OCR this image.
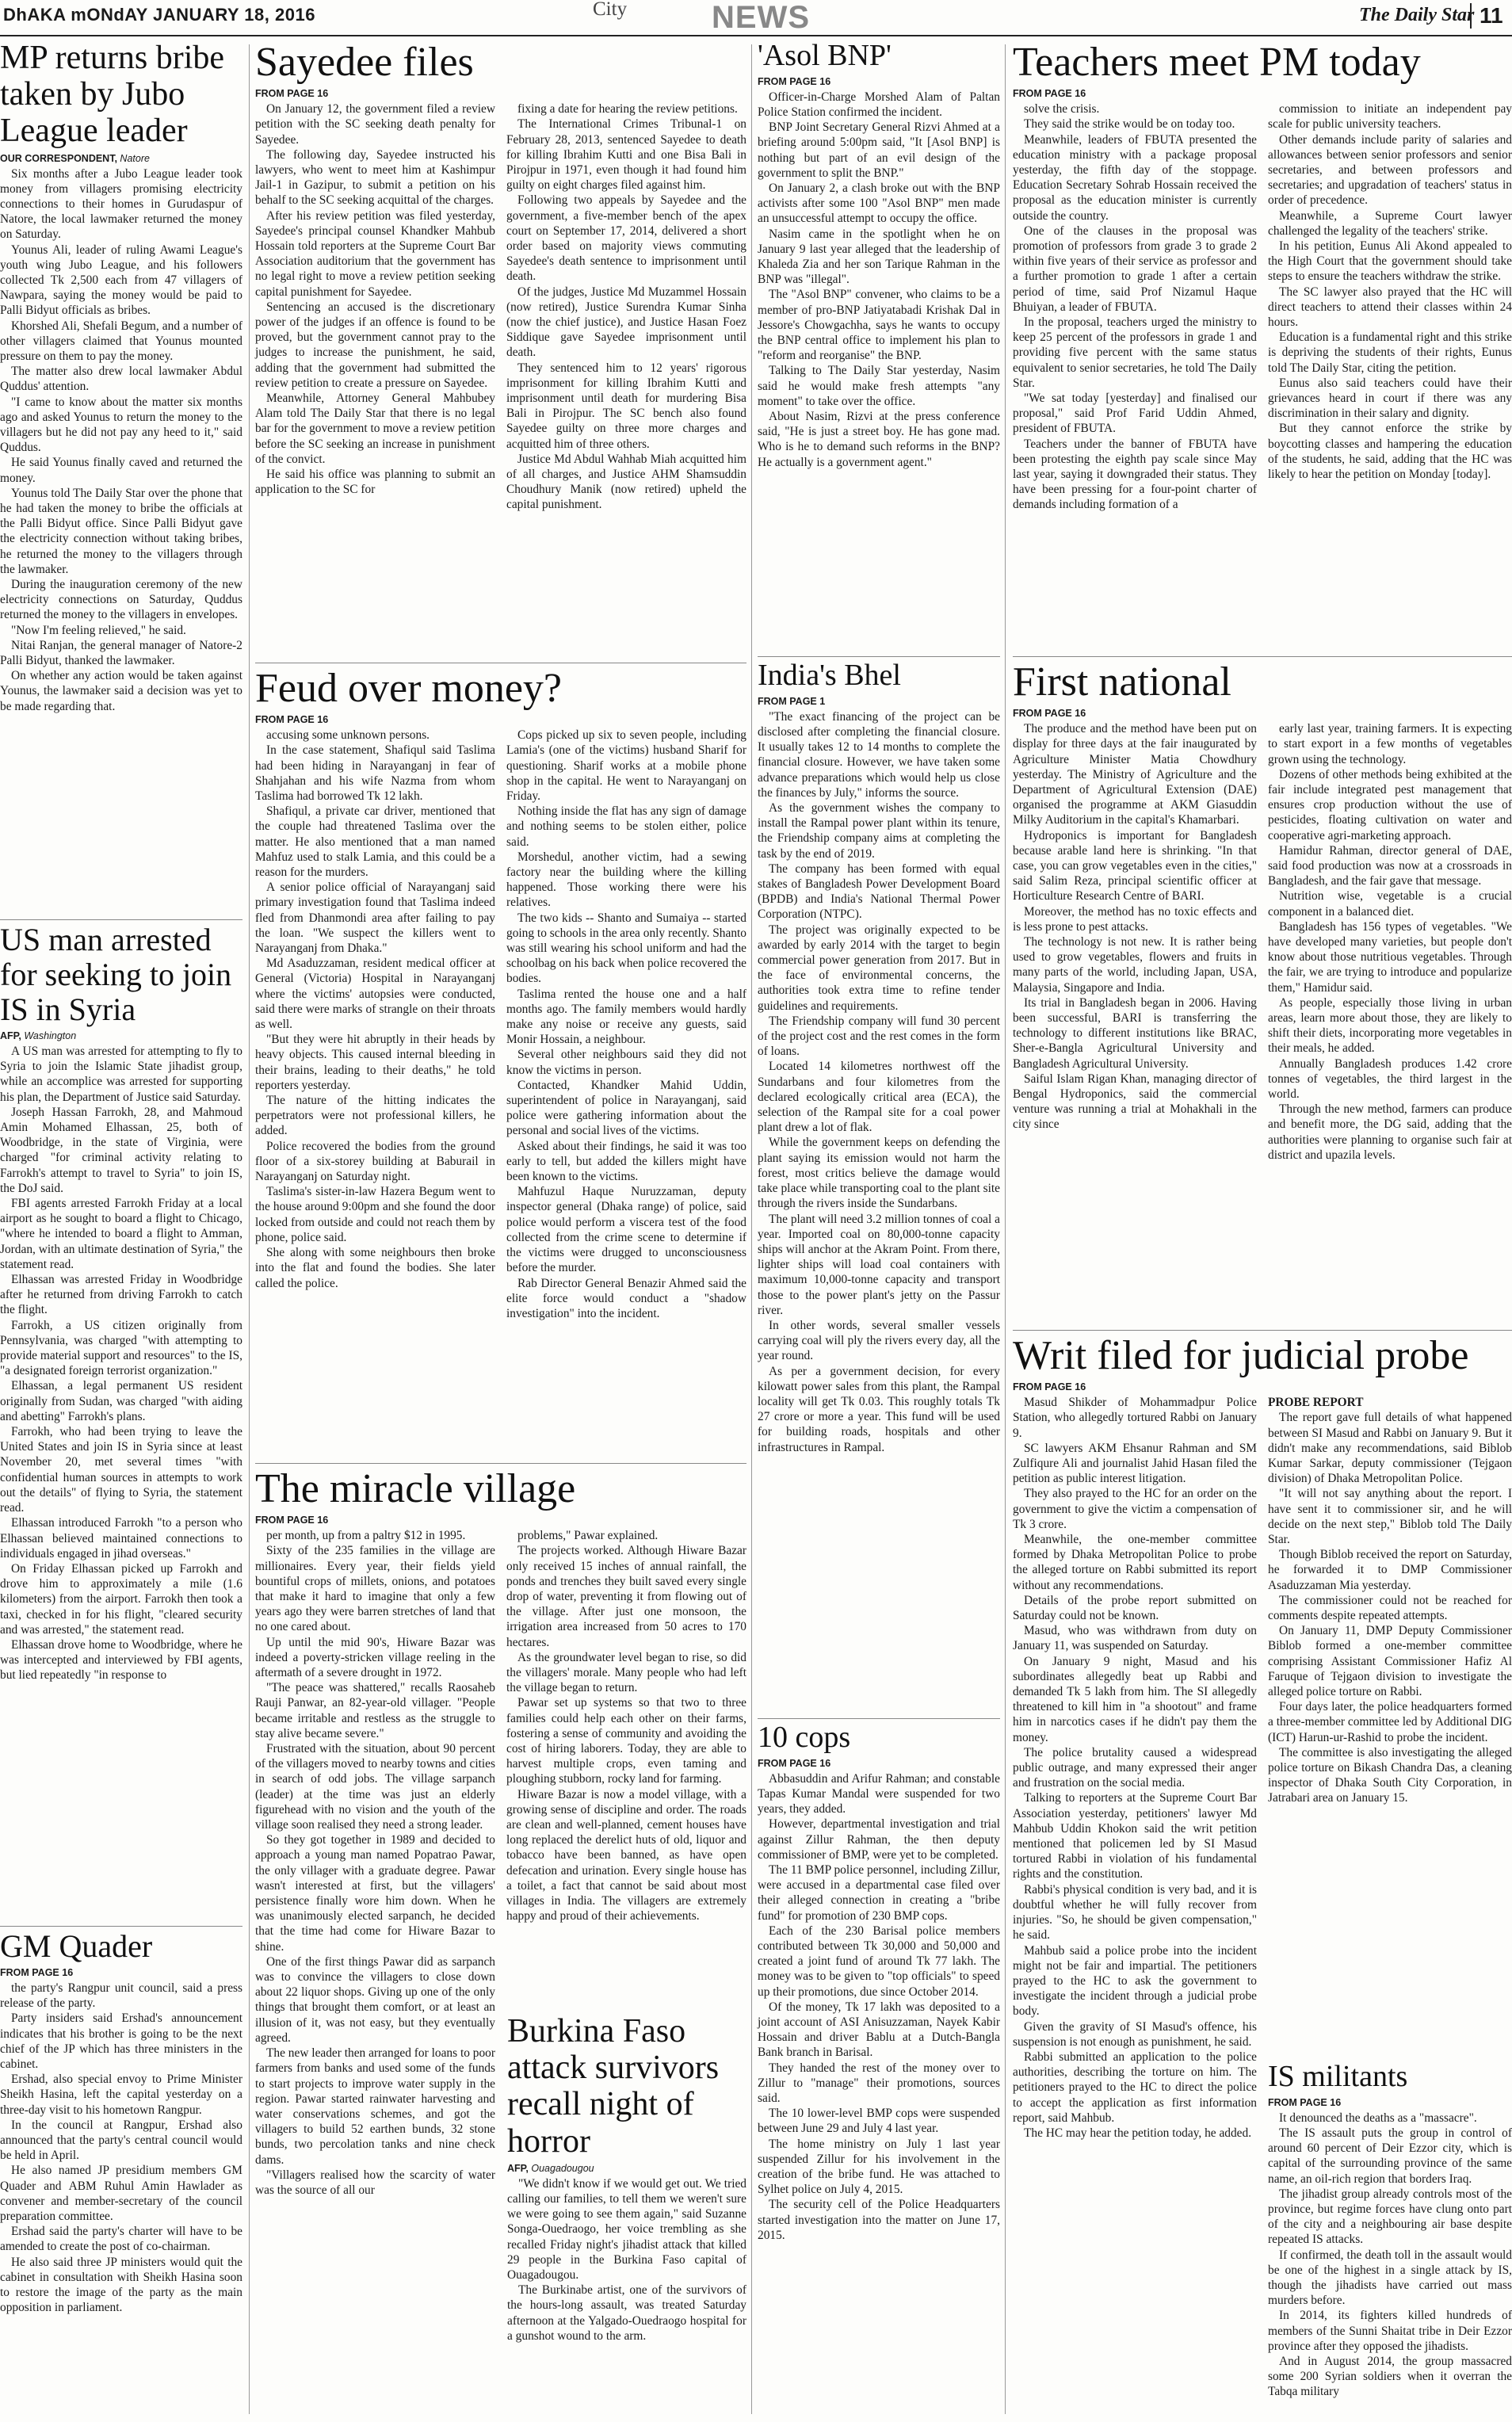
DhAKA mONdAY JANUARY 18, 2016	City	NEWS	The Daily Star 11
MP returns bribe taken by Jubo League leader
OUR CORRESPONDENT, Natore

Six months after a Jubo League leader took money from villagers promising electricity connections to their homes in Gurudaspur of Natore, the local lawmaker returned the money on Saturday.

Younus Ali, leader of ruling Awami League's youth wing Jubo League, and his followers collected Tk 2,500 each from 47 villagers of Nawpara, saying the money would be paid to Palli Bidyut officials as bribes.

Khorshed Ali, Shefali Begum, and a number of other villagers claimed that Younus mounted pressure on them to pay the money.

The matter also drew local lawmaker Abdul Quddus' attention.

"I came to know about the matter six months ago and asked Younus to return the money to the villagers but he did not pay any heed to it," said Quddus.

He said Younus finally caved and returned the money.

Younus told The Daily Star over the phone that he had taken the money to bribe the officials at the Palli Bidyut office. Since Palli Bidyut gave the electricity connection without taking bribes, he returned the money to the villagers through the lawmaker.

During the inauguration ceremony of the new electricity connections on Saturday, Quddus returned the money to the villagers in envelopes.

"Now I'm feeling relieved," he said.

Nitai Ranjan, the general manager of Natore-2 Palli Bidyut, thanked the lawmaker.

On whether any action would be taken against Younus, the lawmaker said a decision was yet to be made regarding that.

US man arrested for seeking to join IS in Syria
AFP, Washington

A US man was arrested for attempting to fly to Syria to join the Islamic State jihadist group, while an accomplice was arrested for supporting his plan, the Department of Justice said Saturday.

Joseph Hassan Farrokh, 28, and Mahmoud Amin Mohamed Elhassan, 25, both of Woodbridge, in the state of Virginia, were charged "for criminal activity relating to Farrokh's attempt to travel to Syria" to join IS, the DoJ said.

FBI agents arrested Farrokh Friday at a local airport as he sought to board a flight to Chicago, "where he intended to board a flight to Amman, Jordan, with an ultimate destination of Syria," the statement read.

Elhassan was arrested Friday in Woodbridge after he returned from driving Farrokh to catch the flight.

Farrokh, a US citizen originally from Pennsylvania, was charged "with attempting to provide material support and resources" to the IS, "a designated foreign terrorist organization."

Elhassan, a legal permanent US resident originally from Sudan, was charged "with aiding and abetting" Farrokh's plans.

Farrokh, who had been trying to leave the United States and join IS in Syria since at least November 20, met several times "with confidential human sources in attempts to work out the details" of flying to Syria, the statement read.

Elhassan introduced Farrokh "to a person who Elhassan believed maintained connections to individuals engaged in jihad overseas."

On Friday Elhassan picked up Farrokh and drove him to approximately a mile (1.6 kilometers) from the airport. Farrokh then took a taxi, checked in for his flight, "cleared security and was arrested," the statement read.

Elhassan drove home to Woodbridge, where he was intercepted and interviewed by FBI agents, but lied repeatedly "in response to

GM Quader
FROM PAGE 16

the party's Rangpur unit council, said a press release of the party.

Party insiders said Ershad's announcement indicates that his brother is going to be the next chief of the JP which has three ministers in the cabinet.

Ershad, also special envoy to Prime Minister Sheikh Hasina, left the capital yesterday on a three-day visit to his hometown Rangpur.

In the council at Rangpur, Ershad also announced that the party's central council would be held in April.

He also named JP presidium members GM Quader and ABM Ruhul Amin Hawlader as convener and member-secretary of the council preparation committee.

Ershad said the party's charter will have to be amended to create the post of co-chairman.

He also said three JP ministers would quit the cabinet in consultation with Sheikh Hasina soon to restore the image of the party as the main opposition in parliament.

Sayedee files
FROM PAGE 16

On January 12, the government filed a review petition with the SC seeking death penalty for Sayedee.

The following day, Sayedee instructed his lawyers, who went to meet him at Kashimpur Jail-1 in Gazipur, to submit a petition on his behalf to the SC seeking acquittal of the charges.

After his review petition was filed yesterday, Sayedee's principal counsel Khandker Mahbub Hossain told reporters at the Supreme Court Bar Association auditorium that the government has no legal right to move a review petition seeking capital punishment for Sayedee.

Sentencing an accused is the discretionary power of the judges if an offence is found to be proved, but the government cannot pray to the judges to increase the punishment, he said, adding that the government had submitted the review petition to create a pressure on Sayedee.

Meanwhile, Attorney General Mahbubey Alam told The Daily Star that there is no legal bar for the government to move a review petition before the SC seeking an increase in punishment of the convict.

He said his office was planning to submit an application to the SC for

fixing a date for hearing the review petitions.

The International Crimes Tribunal-1 on February 28, 2013, sentenced Sayedee to death for killing Ibrahim Kutti and one Bisa Bali in Pirojpur in 1971, even though it had found him guilty on eight charges filed against him.

Following two appeals by Sayedee and the government, a five-member bench of the apex court on September 17, 2014, delivered a short order based on majority views commuting Sayedee's death sentence to imprisonment until death.

Of the judges, Justice Md Muzammel Hossain (now retired), Justice Surendra Kumar Sinha (now the chief justice), and Justice Hasan Foez Siddique gave Sayedee imprisonment until death.

They sentenced him to 12 years' rigorous imprisonment for killing Ibrahim Kutti and imprisonment until death for murdering Bisa Bali in Pirojpur. The SC bench also found Sayedee guilty on three more charges and acquitted him of three others.

Justice Md Abdul Wahhab Miah acquitted him of all charges, and Justice AHM Shamsuddin Choudhury Manik (now retired) upheld the capital punishment.

Feud over money?
FROM PAGE 16

accusing some unknown persons.

In the case statement, Shafiqul said Taslima had been hiding in Narayanganj in fear of Shahjahan and his wife Nazma from whom Taslima had borrowed Tk 12 lakh.

Shafiqul, a private car driver, mentioned that the couple had threatened Taslima over the matter. He also mentioned that a man named Mahfuz used to stalk Lamia, and this could be a reason for the murders.

A senior police official of Narayanganj said primary investigation found that Taslima indeed fled from Dhanmondi area after failing to pay the loan. "We suspect the killers went to Narayanganj from Dhaka."

Md Asaduzzaman, resident medical officer at General (Victoria) Hospital in Narayanganj where the victims' autopsies were conducted, said there were marks of strangle on their throats as well.

"But they were hit abruptly in their heads by heavy objects. This caused internal bleeding in their brains, leading to their deaths," he told reporters yesterday.

The nature of the hitting indicates the perpetrators were not professional killers, he added.

Police recovered the bodies from the ground floor of a six-storey building at Baburail in Narayanganj on Saturday night.

Taslima's sister-in-law Hazera Begum went to the house around 9:00pm and she found the door locked from outside and could not reach them by phone, police said.

She along with some neighbours then broke into the flat and found the bodies. She later called the police.

Cops picked up six to seven people, including Lamia's (one of the victims) husband Sharif for questioning. Sharif works at a mobile phone shop in the capital. He went to Narayanganj on Friday.

Nothing inside the flat has any sign of damage and nothing seems to be stolen either, police said.

Morshedul, another victim, had a sewing factory near the building where the killing happened. Those working there were his relatives.

The two kids -- Shanto and Sumaiya -- started going to schools in the area only recently. Shanto was still wearing his school uniform and had the schoolbag on his back when police recovered the bodies.

Taslima rented the house one and a half months ago. The family members would hardly make any noise or receive any guests, said Monir Hossain, a neighbour.

Several other neighbours said they did not know the victims in person.

Contacted, Khandker Mahid Uddin, superintendent of police in Narayanganj, said police were gathering information about the personal and social lives of the victims.

Asked about their findings, he said it was too early to tell, but added the killers might have been known to the victims.

Mahfuzul Haque Nuruzzaman, deputy inspector general (Dhaka range) of police, said police would perform a viscera test of the food collected from the crime scene to determine if the victims were drugged to unconsciousness before the murder.

Rab Director General Benazir Ahmed said the elite force would conduct a "shadow investigation" into the incident.

The miracle village
FROM PAGE 16

per month, up from a paltry $12 in 1995.

Sixty of the 235 families in the village are millionaires. Every year, their fields yield bountiful crops of millets, onions, and potatoes that make it hard to imagine that only a few years ago they were barren stretches of land that no one cared about.

Up until the mid 90's, Hiware Bazar was indeed a poverty-stricken village reeling in the aftermath of a severe drought in 1972.

"The peace was shattered," recalls Raosaheb Rauji Panwar, an 82-year-old villager. "People became irritable and restless as the struggle to stay alive became severe."

Frustrated with the situation, about 90 percent of the villagers moved to nearby towns and cities in search of odd jobs. The village sarpanch (leader) at the time was just an elderly figurehead with no vision and the youth of the village soon realised they need a strong leader.

So they got together in 1989 and decided to approach a young man named Popatrao Pawar, the only villager with a graduate degree. Pawar wasn't interested at first, but the villagers' persistence finally wore him down. When he was unanimously elected sarpanch, he decided that the time had come for Hiware Bazar to shine.

One of the first things Pawar did as sarpanch was to convince the villagers to close down about 22 liquor shops. Giving up one of the only things that brought them comfort, or at least an illusion of it, was not easy, but they eventually agreed.

The new leader then arranged for loans to poor farmers from banks and used some of the funds to start projects to improve water supply in the region. Pawar started rainwater harvesting and water conservations schemes, and got the villagers to build 52 earthen bunds, 32 stone bunds, two percolation tanks and nine check dams.

"Villagers realised how the scarcity of water was the source of all our

problems," Pawar explained.

The projects worked. Although Hiware Bazar only received 15 inches of annual rainfall, the ponds and trenches they built saved every single drop of water, preventing it from flowing out of the village. After just one monsoon, the irrigation area increased from 50 acres to 170 hectares.

As the groundwater level began to rise, so did the villagers' morale. Many people who had left the village began to return.

Pawar set up systems so that two to three families could help each other on their farms, fostering a sense of community and avoiding the cost of hiring laborers. Today, they are able to harvest multiple crops, even taming and ploughing stubborn, rocky land for farming.

Hiware Bazar is now a model village, with a growing sense of discipline and order. The roads are clean and well-planned, cement houses have long replaced the derelict huts of old, liquor and tobacco have been banned, as have open defecation and urination. Every single house has a toilet, a fact that cannot be said about most villages in India. The villagers are extremely happy and proud of their achievements.

Burkina Faso attack survivors recall night of horror
AFP, Ouagadougou

"We didn't know if we would get out. We tried calling our families, to tell them we weren't sure we were going to see them again," said Suzanne Songa-Ouedraogo, her voice trembling as she recalled Friday night's jihadist attack that killed 29 people in the Burkina Faso capital of Ouagadougou.

The Burkinabe artist, one of the survivors of the hours-long assault, was treated Saturday afternoon at the Yalgado-Ouedraogo hospital for a gunshot wound to the arm.

'Asol BNP'
FROM PAGE 16

Officer-in-Charge Morshed Alam of Paltan Police Station confirmed the incident.

BNP Joint Secretary General Rizvi Ahmed at a briefing around 5:00pm said, "It [Asol BNP] is nothing but part of an evil design of the government to split the BNP."

On January 2, a clash broke out with the BNP activists after some 100 "Asol BNP" men made an unsuccessful attempt to occupy the office.

Nasim came in the spotlight when he on January 9 last year alleged that the leadership of Khaleda Zia and her son Tarique Rahman in the BNP was "illegal".

The "Asol BNP" convener, who claims to be a member of pro-BNP Jatiyatabadi Krishak Dal in Jessore's Chowgachha, says he wants to occupy the BNP central office to implement his plan to "reform and reorganise" the BNP.

Talking to The Daily Star yesterday, Nasim said he would make fresh attempts "any moment" to take over the office.

About Nasim, Rizvi at the press conference said, "He is just a street boy. He has gone mad. Who is he to demand such reforms in the BNP? He actually is a government agent."

India's Bhel
FROM PAGE 1

"The exact financing of the project can be disclosed after completing the financial closure. It usually takes 12 to 14 months to complete the financial closure. However, we have taken some advance preparations which would help us close the finances by July," informs the source.

As the government wishes the company to install the Rampal power plant within its tenure, the Friendship company aims at completing the task by the end of 2019.

The company has been formed with equal stakes of Bangladesh Power Development Board (BPDB) and India's National Thermal Power Corporation (NTPC).

The project was originally expected to be awarded by early 2014 with the target to begin commercial power generation from 2017. But in the face of environmental concerns, the authorities took extra time to refine tender guidelines and requirements.

The Friendship company will fund 30 percent of the project cost and the rest comes in the form of loans.

Located 14 kilometres northwest off the Sundarbans and four kilometres from the declared ecologically critical area (ECA), the selection of the Rampal site for a coal power plant drew a lot of flak.

While the government keeps on defending the plant saying its emission would not harm the forest, most critics believe the damage would take place while transporting coal to the plant site through the rivers inside the Sundarbans.

The plant will need 3.2 million tonnes of coal a year. Imported coal on 80,000-tonne capacity ships will anchor at the Akram Point. From there, lighter ships will load coal containers with maximum 10,000-tonne capacity and transport those to the power plant's jetty on the Passur river.

In other words, several smaller vessels carrying coal will ply the rivers every day, all the year round.

As per a government decision, for every kilowatt power sales from this plant, the Rampal locality will get Tk 0.03. This roughly totals Tk 27 crore or more a year. This fund will be used for building roads, hospitals and other infrastructures in Rampal.

10 cops
FROM PAGE 16

Abbasuddin and Arifur Rahman; and constable Tapas Kumar Mandal were suspended for two years, they added.

However, departmental investigation and trial against Zillur Rahman, the then deputy commissioner of BMP, were yet to be completed.

The 11 BMP police personnel, including Zillur, were accused in a departmental case filed over their alleged connection in creating a "bribe fund" for promotion of 230 BMP cops.

Each of the 230 Barisal police members contributed between Tk 30,000 and 50,000 and created a joint fund of around Tk 77 lakh. The money was to be given to "top officials" to speed up their promotions, due since October 2014.

Of the money, Tk 17 lakh was deposited to a joint account of ASI Anisuzzaman, Nayek Kabir Hossain and driver Bablu at a Dutch-Bangla Bank branch in Barisal.

They handed the rest of the money over to Zillur to "manage" their promotions, sources said.

The 10 lower-level BMP cops were suspended between June 29 and July 4 last year.

The home ministry on July 1 last year suspended Zillur for his involvement in the creation of the bribe fund. He was attached to Sylhet police on July 4, 2015.

The security cell of the Police Headquarters started investigation into the matter on June 17, 2015.

Teachers meet PM today
FROM PAGE 16

solve the crisis.

They said the strike would be on today too.

Meanwhile, leaders of FBUTA presented the education ministry with a package proposal yesterday, the fifth day of the stoppage. Education Secretary Sohrab Hossain received the proposal as the education minister is currently outside the country.

One of the clauses in the proposal was promotion of professors from grade 3 to grade 2 within five years of their service as professor and a further promotion to grade 1 after a certain period of time, said Prof Nizamul Haque Bhuiyan, a leader of FBUTA.

In the proposal, teachers urged the ministry to keep 25 percent of the professors in grade 1 and providing five percent with the same status equivalent to senior secretaries, he told The Daily Star.

"We sat today [yesterday] and finalised our proposal," said Prof Farid Uddin Ahmed, president of FBUTA.

Teachers under the banner of FBUTA have been protesting the eighth pay scale since May last year, saying it downgraded their status. They have been pressing for a four-point charter of demands including formation of a

commission to initiate an independent pay scale for public university teachers.

Other demands include parity of salaries and allowances between senior professors and senior secretaries, and between professors and secretaries; and upgradation of teachers' status in order of precedence.

Meanwhile, a Supreme Court lawyer challenged the legality of the teachers' strike.

In his petition, Eunus Ali Akond appealed to the High Court that the government should take steps to ensure the teachers withdraw the strike.

The SC lawyer also prayed that the HC will direct teachers to attend their classes within 24 hours.

Education is a fundamental right and this strike is depriving the students of their rights, Eunus told The Daily Star, citing the petition.

Eunus also said teachers could have their grievances heard in court if there was any discrimination in their salary and dignity.

But they cannot enforce the strike by boycotting classes and hampering the education of the students, he said, adding that the HC was likely to hear the petition on Monday [today].

First national
FROM PAGE 16

The produce and the method have been put on display for three days at the fair inaugurated by Agriculture Minister Matia Chowdhury yesterday. The Ministry of Agriculture and the Department of Agricultural Extension (DAE) organised the programme at AKM Giasuddin Milky Auditorium in the capital's Khamarbari.

Hydroponics is important for Bangladesh because arable land here is shrinking. "In that case, you can grow vegetables even in the cities," said Salim Reza, principal scientific officer at Horticulture Research Centre of BARI.

Moreover, the method has no toxic effects and is less prone to pest attacks.

The technology is not new. It is rather being used to grow vegetables, flowers and fruits in many parts of the world, including Japan, USA, Malaysia, Singapore and India.

Its trial in Bangladesh began in 2006. Having been successful, BARI is transferring the technology to different institutions like BRAC, Sher-e-Bangla Agricultural University and Bangladesh Agricultural University.

Saiful Islam Rigan Khan, managing director of Bengal Hydroponics, said the commercial venture was running a trial at Mohakhali in the city since

early last year, training farmers. It is expecting to start export in a few months of vegetables grown using the technology.

Dozens of other methods being exhibited at the fair include integrated pest management that ensures crop production without the use of pesticides, floating cultivation on water and cooperative agri-marketing approach.

Hamidur Rahman, director general of DAE, said food production was now at a crossroads in Bangladesh, and the fair gave that message.

Nutrition wise, vegetable is a crucial component in a balanced diet.

Bangladesh has 156 types of vegetables. "We have developed many varieties, but people don't know about those nutritious vegetables. Through the fair, we are trying to introduce and popularize them," Hamidur said.

As people, especially those living in urban areas, learn more about those, they are likely to shift their diets, incorporating more vegetables in their meals, he added.

Annually Bangladesh produces 1.42 crore tonnes of vegetables, the third largest in the world.

Through the new method, farmers can produce and benefit more, the DG said, adding that the authorities were planning to organise such fair at district and upazila levels.

Writ filed for judicial probe
FROM PAGE 16

Masud Shikder of Mohammadpur Police Station, who allegedly tortured Rabbi on January 9.

SC lawyers AKM Ehsanur Rahman and SM Zulfiqure Ali and journalist Jahid Hasan filed the petition as public interest litigation.

They also prayed to the HC for an order on the government to give the victim a compensation of Tk 3 crore.

Meanwhile, the one-member committee formed by Dhaka Metropolitan Police to probe the alleged torture on Rabbi submitted its report without any recommendations.

Details of the probe report submitted on Saturday could not be known.

Masud, who was withdrawn from duty on January 11, was suspended on Saturday.

On January 9 night, Masud and his subordinates allegedly beat up Rabbi and demanded Tk 5 lakh from him. The SI allegedly threatened to kill him in "a shootout" and frame him in narcotics cases if he didn't pay them the money.

The police brutality caused a widespread public outrage, and many expressed their anger and frustration on the social media.

Talking to reporters at the Supreme Court Bar Association yesterday, petitioners' lawyer Md Mahbub Uddin Khokon said the writ petition mentioned that policemen led by SI Masud tortured Rabbi in violation of his fundamental rights and the constitution.

Rabbi's physical condition is very bad, and it is doubtful whether he will fully recover from injuries. "So, he should be given compensation," he said.

Mahbub said a police probe into the incident might not be fair and impartial. The petitioners prayed to the HC to ask the government to investigate the incident through a judicial probe body.

Given the gravity of SI Masud's offence, his suspension is not enough as punishment, he said.

Rabbi submitted an application to the police authorities, describing the torture on him. The petitioners prayed to the HC to direct the police to accept the application as first information report, said Mahbub.

The HC may hear the petition today, he added.

PROBE REPORT

The report gave full details of what happened between SI Masud and Rabbi on January 9. But it didn't make any recommendations, said Biblob Kumar Sarkar, deputy commissioner (Tejgaon division) of Dhaka Metropolitan Police.

"It will not say anything about the report. I have sent it to commissioner sir, and he will decide on the next step," Biblob told The Daily Star.

Though Biblob received the report on Saturday, he forwarded it to DMP Commissioner Asaduzzaman Mia yesterday.

The commissioner could not be reached for comments despite repeated attempts.

On January 11, DMP Deputy Commissioner Biblob formed a one-member committee comprising Assistant Commissioner Hafiz Al Faruque of Tejgaon division to investigate the alleged police torture on Rabbi.

Four days later, the police headquarters formed a three-member committee led by Additional DIG (ICT) Harun-ur-Rashid to probe the incident.

The committee is also investigating the alleged police torture on Bikash Chandra Das, a cleaning inspector of Dhaka South City Corporation, in Jatrabari area on January 15.

IS militants
FROM PAGE 16

It denounced the deaths as a "massacre".

The IS assault puts the group in control of around 60 percent of Deir Ezzor city, which is capital of the surrounding province of the same name, an oil-rich region that borders Iraq.

The jihadist group already controls most of the province, but regime forces have clung onto part of the city and a neighbouring air base despite repeated IS attacks.

If confirmed, the death toll in the assault would be one of the highest in a single attack by IS, though the jihadists have carried out mass murders before.

In 2014, its fighters killed hundreds of members of the Sunni Shaitat tribe in Deir Ezzor province after they opposed the jihadists.

And in August 2014, the group massacred some 200 Syrian soldiers when it overran the Tabqa military
